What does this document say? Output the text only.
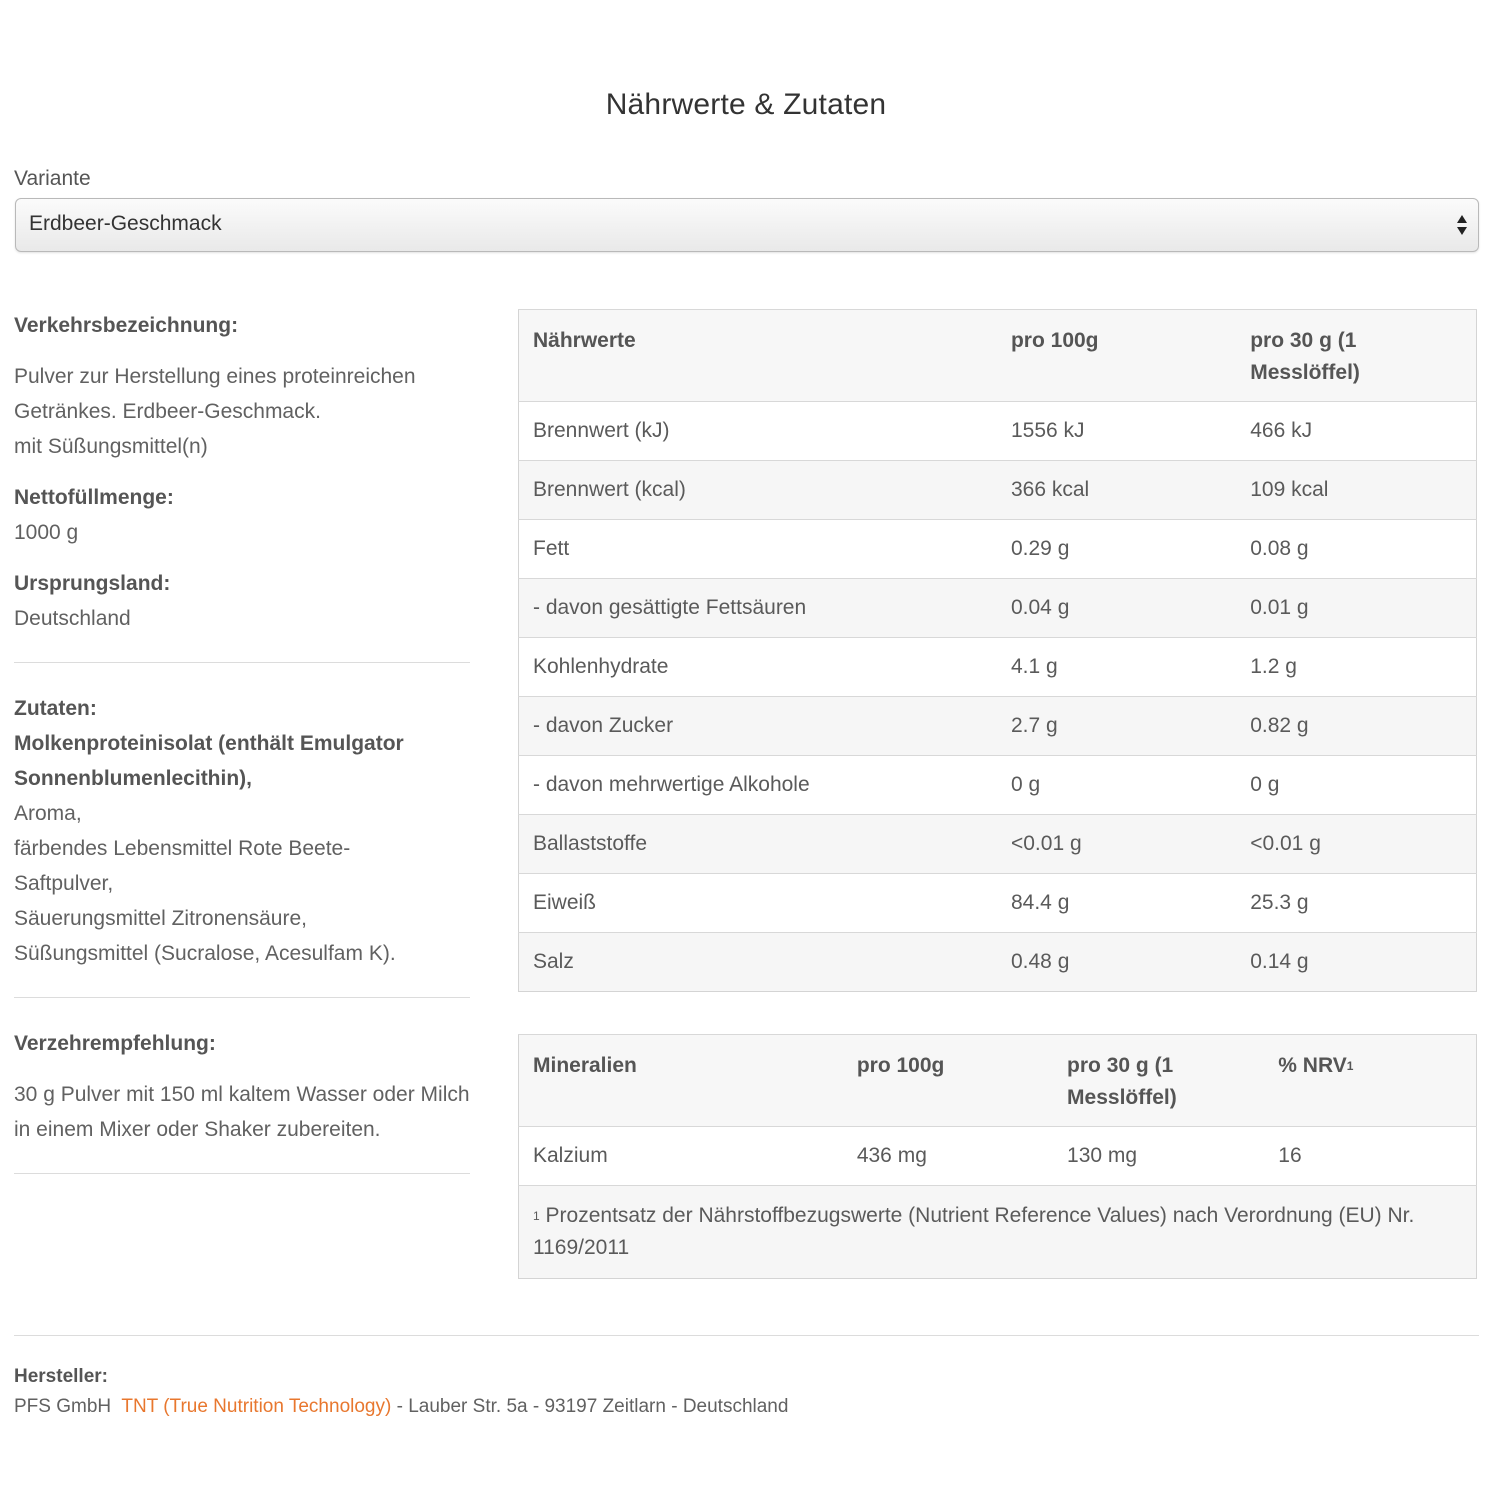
Nährwerte & Zutaten
Variante
Erdbeer-Geschmack
Verkehrsbezeichnung:
Pulver zur Herstellung eines proteinreichen
Getränkes. Erdbeer-Geschmack.
mit Süßungsmittel(n)
Nettofüllmenge:
1000 g
Ursprungsland:
Deutschland
Zutaten:
Molkenproteinisolat (enthält Emulgator Sonnenblumenlecithin),
Aroma,
färbendes Lebensmittel Rote Beete-
Saftpulver,
Säuerungsmittel Zitronensäure,
Süßungsmittel (Sucralose, Acesulfam K).
Verzehrempfehlung:
30 g Pulver mit 150 ml kaltem Wasser oder Milch in einem Mixer oder Shaker zubereiten.
Nährwerte	pro 100g	pro 30 g (1 Messlöffel)
Brennwert (kJ)	1556 kJ	466 kJ
Brennwert (kcal)	366 kcal	109 kcal
Fett	0.29 g	0.08 g
- davon gesättigte Fettsäuren	0.04 g	0.01 g
Kohlenhydrate	4.1 g	1.2 g
- davon Zucker	2.7 g	0.82 g
- davon mehrwertige Alkohole	0 g	0 g
Ballaststoffe	<0.01 g	<0.01 g
Eiweiß	84.4 g	25.3 g
Salz	0.48 g	0.14 g
Mineralien	pro 100g	pro 30 g (1 Messlöffel)	% NRV$^1$
Kalzium	436 mg	130 mg	16
$^1$ Prozentsatz der Nährstoffbezugswerte (Nutrient Reference Values) nach Verordnung (EU) Nr. 1169/2011			
Hersteller:
PFS GmbH TNT (True Nutrition Technology) - Lauber Str. 5a - 93197 Zeitlarn - Deutschland
